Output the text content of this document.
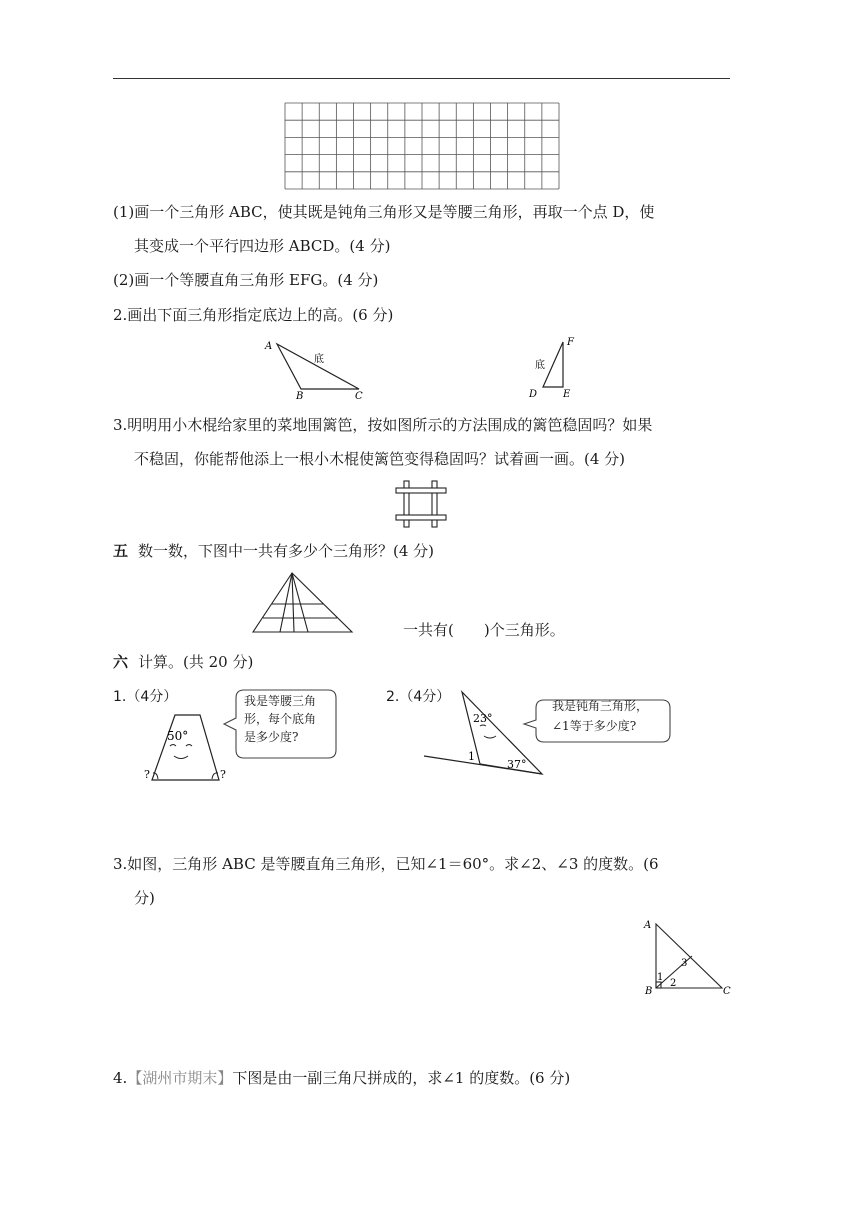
(1)画一个三角形 ABC，使其既是钝角三角形又是等腰三角形，再取一个点 D，使
其变成一个平行四边形 ABCD。(4 分)
(2)画一个等腰直角三角形 EFG。(4 分)
2.画出下面三角形指定底边上的高。(6 分)
A
B	C
底
F
D	E
底
3.明明用小木棍给家里的菜地围篱笆，按如图所示的方法围成的篱笆稳固吗？如果
不稳固，你能帮他添上一根小木棍使篱笆变得稳固吗？试着画一画。(4 分)
五 数一数，下图中一共有多少个三角形？(4 分)
一共有(　　)个三角形。
六 计算。(共 20 分)
1.（4分）
50°
?	?
我是等腰三角
形，每个底角
是多少度?
2.（4分）
23°
37°
1
我是钝角三角形，
∠1等于多少度?
3.如图，三角形 ABC 是等腰直角三角形，已知∠1＝60°。求∠2、∠3 的度数。(6
分)
A
B	C
1
2
3
4.【湖州市期末】下图是由一副三角尺拼成的，求∠1 的度数。(6 分)
